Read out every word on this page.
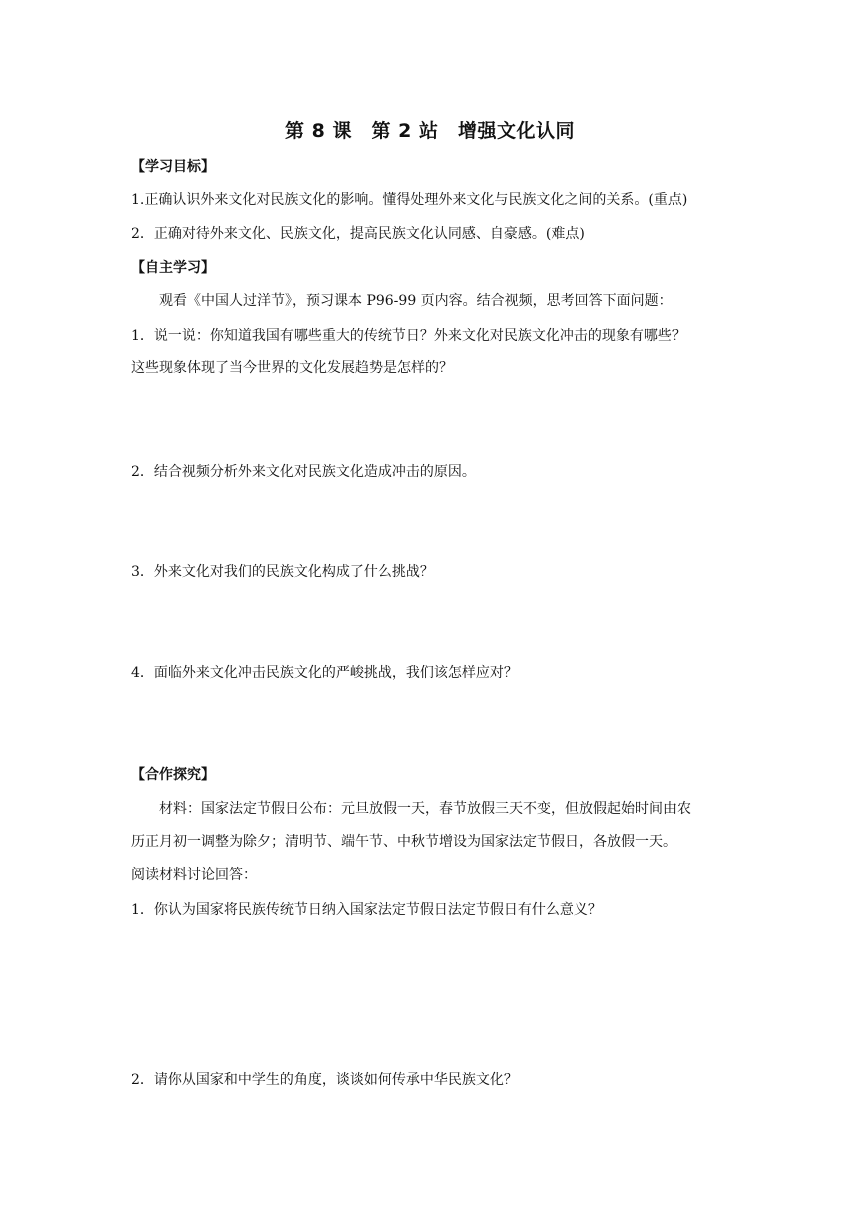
第 8 课　第 2 站　增强文化认同
【学习目标】
1.正确认识外来文化对民族文化的影响。懂得处理外来文化与民族文化之间的关系。(重点)
2．正确对待外来文化、民族文化，提高民族文化认同感、自豪感。(难点)
【自主学习】
观看《中国人过洋节》，预习课本 P96-99 页内容。结合视频，思考回答下面问题：
1．说一说：你知道我国有哪些重大的传统节日？外来文化对民族文化冲击的现象有哪些？
这些现象体现了当今世界的文化发展趋势是怎样的？
2．结合视频分析外来文化对民族文化造成冲击的原因。
3．外来文化对我们的民族文化构成了什么挑战？
4．面临外来文化冲击民族文化的严峻挑战，我们该怎样应对？
【合作探究】
材料：国家法定节假日公布：元旦放假一天，春节放假三天不变，但放假起始时间由农
历正月初一调整为除夕；清明节、端午节、中秋节增设为国家法定节假日，各放假一天。
阅读材料讨论回答：
1．你认为国家将民族传统节日纳入国家法定节假日法定节假日有什么意义？
2．请你从国家和中学生的角度，谈谈如何传承中华民族文化？
